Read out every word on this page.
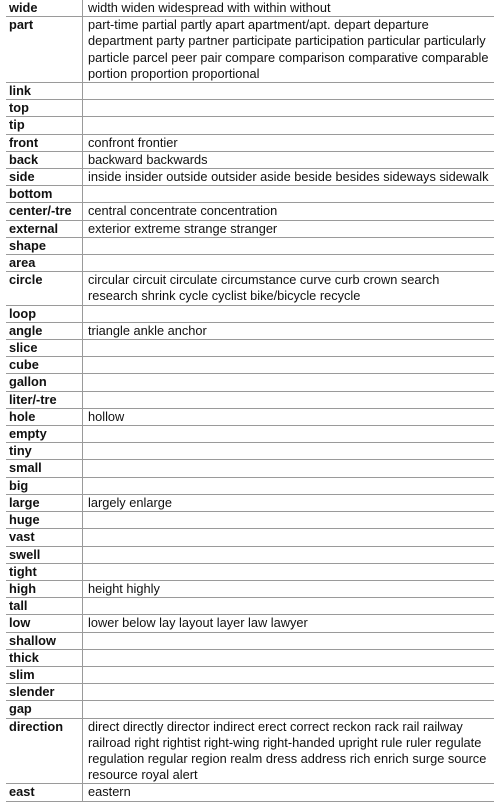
wide	width widen widespread with within without
part	part-time partial partly apart apartment/apt. depart departure department party partner participate participation particular particularly particle parcel peer pair compare comparison comparative comparable portion proportion proportional
link	
top	
tip	
front	confront frontier
back	backward backwards
side	inside insider outside outsider aside beside besides sideways sidewalk
bottom	
center/-tre	central concentrate concentration
external	exterior extreme strange stranger
shape	
area	
circle	circular circuit circulate circumstance curve curb crown search research shrink cycle cyclist bike/bicycle recycle
loop	
angle	triangle ankle anchor
slice	
cube	
gallon	
liter/-tre	
hole	hollow
empty	
tiny	
small	
big	
large	largely enlarge
huge	
vast	
swell	
tight	
high	height highly
tall	
low	lower below lay layout layer law lawyer
shallow	
thick	
slim	
slender	
gap	
direction	direct directly director indirect erect correct reckon rack rail railway railroad right rightist right-wing right-handed upright rule ruler regulate regulation regular region realm dress address rich enrich surge source resource royal alert
east	eastern
